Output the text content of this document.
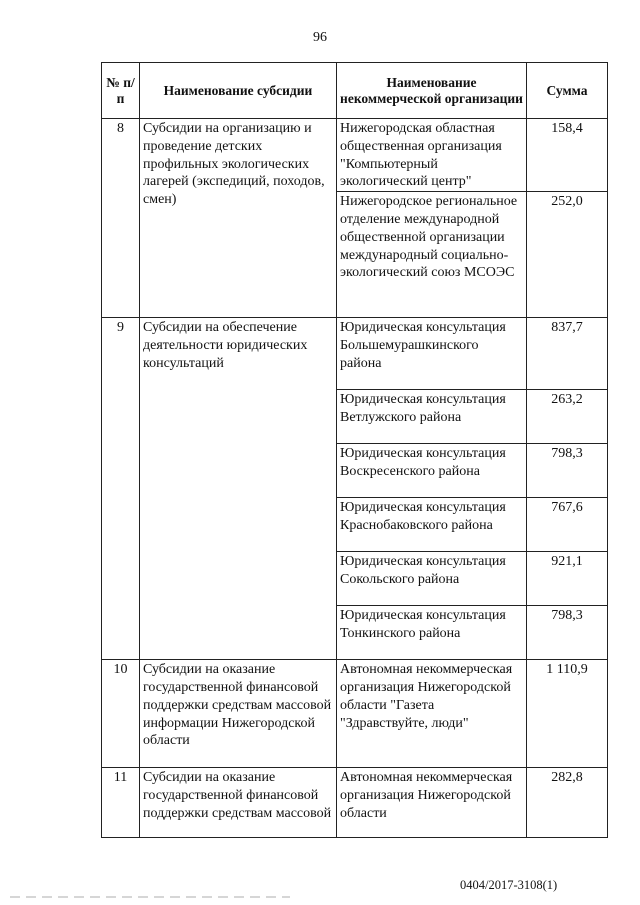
96
№ п/п	Наименование субсидии	Наименование некоммерческой организации	Сумма
8	Субсидии на организацию и проведение детских профильных экологических лагерей (экспедиций, походов, смен)	Нижегородская областная общественная организация "Компьютерный экологический центр"	158,4
		Нижегородское региональное отделение международной общественной организации международный социально-экологический союз МСОЭС	252,0
9	Субсидии на обеспечение деятельности юридических консультаций	Юридическая консультация Большемурашкинского района	837,7
		Юридическая консультация Ветлужского района	263,2
		Юридическая консультация Воскресенского района	798,3
		Юридическая консультация Краснобаковского района	767,6
		Юридическая консультация Сокольского района	921,1
		Юридическая консультация Тонкинского района	798,3
10	Субсидии на оказание государственной финансовой поддержки средствам массовой информации Нижегородской области	Автономная некоммерческая организация Нижегородской области "Газета "Здравствуйте, люди"	1 110,9
11	Субсидии на оказание государственной финансовой поддержки средствам массовой	Автономная некоммерческая организация Нижегородской области	282,8
0404/2017-3108(1)
